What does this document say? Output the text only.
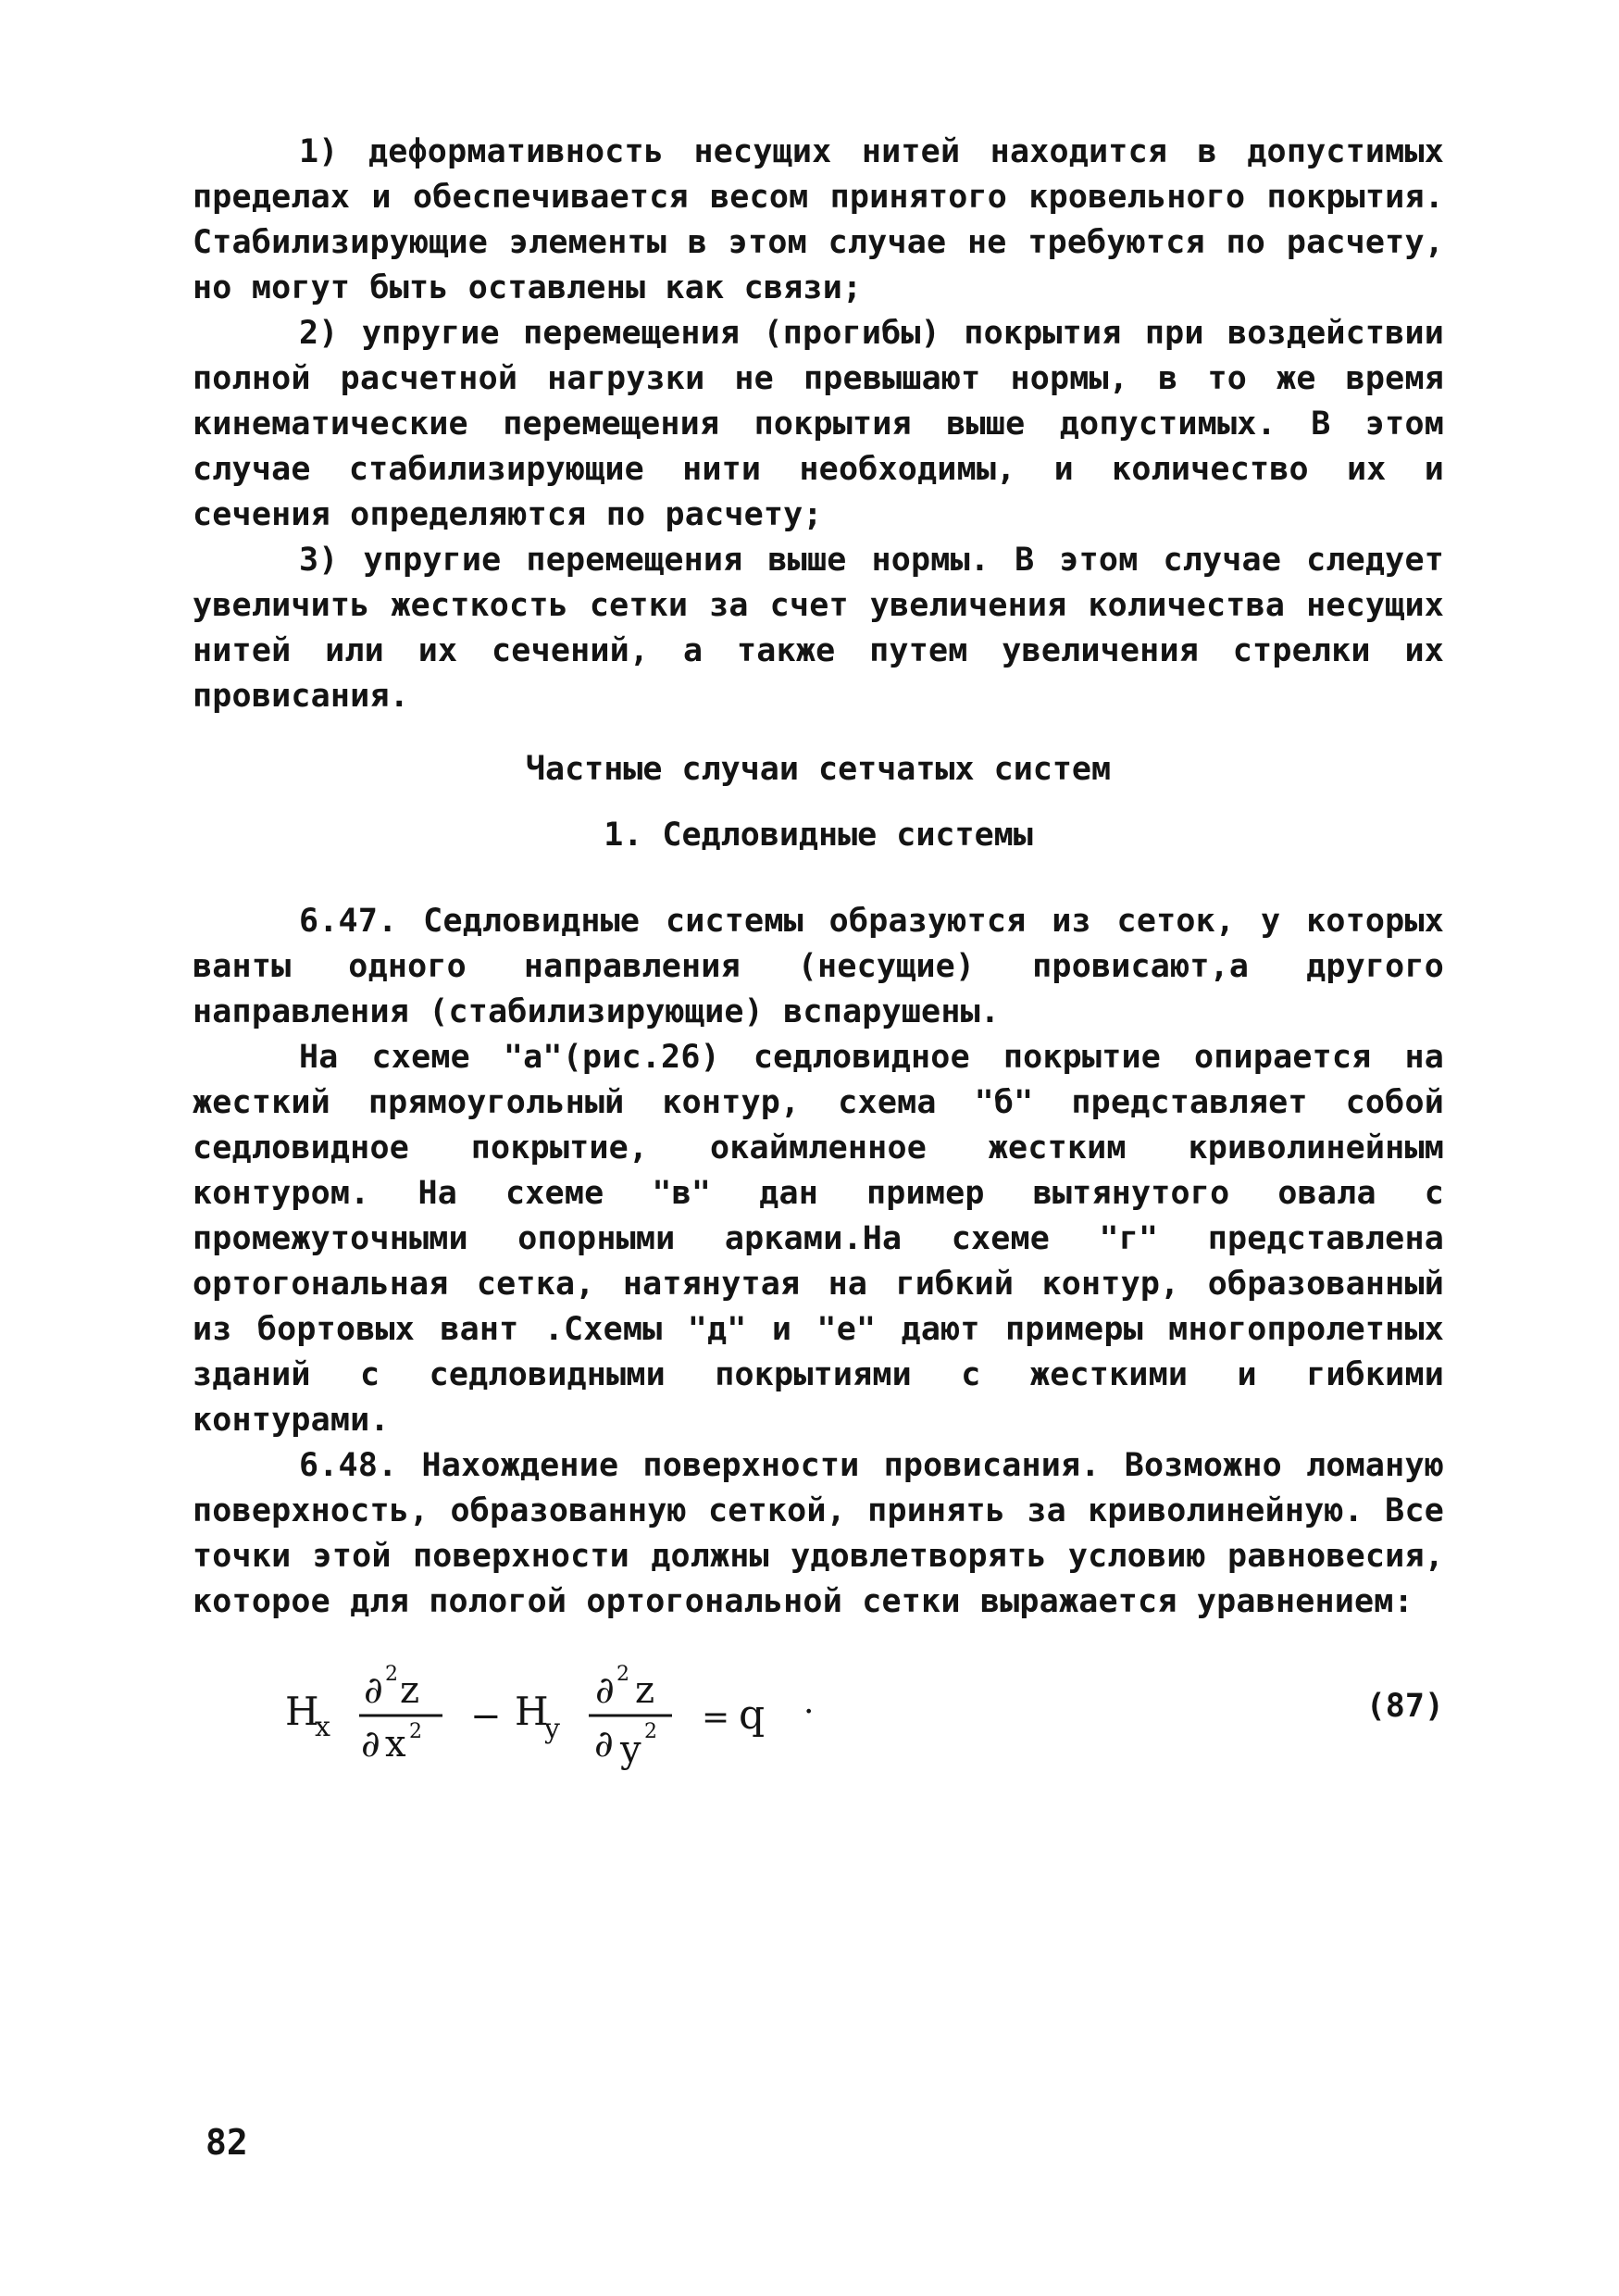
1) деформативность несущих нитей находится в допустимых пределах и обеспечивается весом принятого кровельного покрытия. Стабилизирующие элементы в этом случае не требуются по расчету, но могут быть оставлены как связи;

2) упругие перемещения (прогибы) покрытия при воздействии полной расчетной нагрузки не превышают нормы, в то же время кинематические перемещения покрытия выше допустимых. В этом случае стабилизирующие нити необходимы, и количество их и сечения определяются по расчету;

3) упругие перемещения выше нормы. В этом случае следует увеличить жесткость сетки за счет увеличения количества несущих нитей или их сечений, а также путем увеличения стрелки их провисания.

Частные случаи сетчатых систем

1. Седловидные системы

6.47. Седловидные системы образуются из сеток, у которых ванты одного направления (несущие) провисают,а другого направления (стабилизирующие) вспарушены.

На схеме "а"(рис.26) седловидное покрытие опирается на жесткий прямоугольный контур, схема "б" представляет собой седловидное покрытие, окаймленное жестким криволинейным контуром. На схеме "в" дан пример вытянутого овала с промежуточными опорными арками.На схеме "г" представлена ортогональная сетка, натянутая на гибкий контур, образованный из бортовых вант .Схемы "д" и "е" дают примеры многопролетных зданий с седловидными покрытиями с жесткими и гибкими контурами.

6.48. Нахождение поверхности провисания. Возможно ломаную поверхность, образованную сеткой, принять за криволинейную. Все точки этой поверхности должны удовлетворять условию равновесия, которое для пологой ортогональной сетки выражается уравнением:

H
x
∂ 2 z
∂ x 2 − H
y
∂ 2 z
∂ y 2 = q ·	(87)
82
